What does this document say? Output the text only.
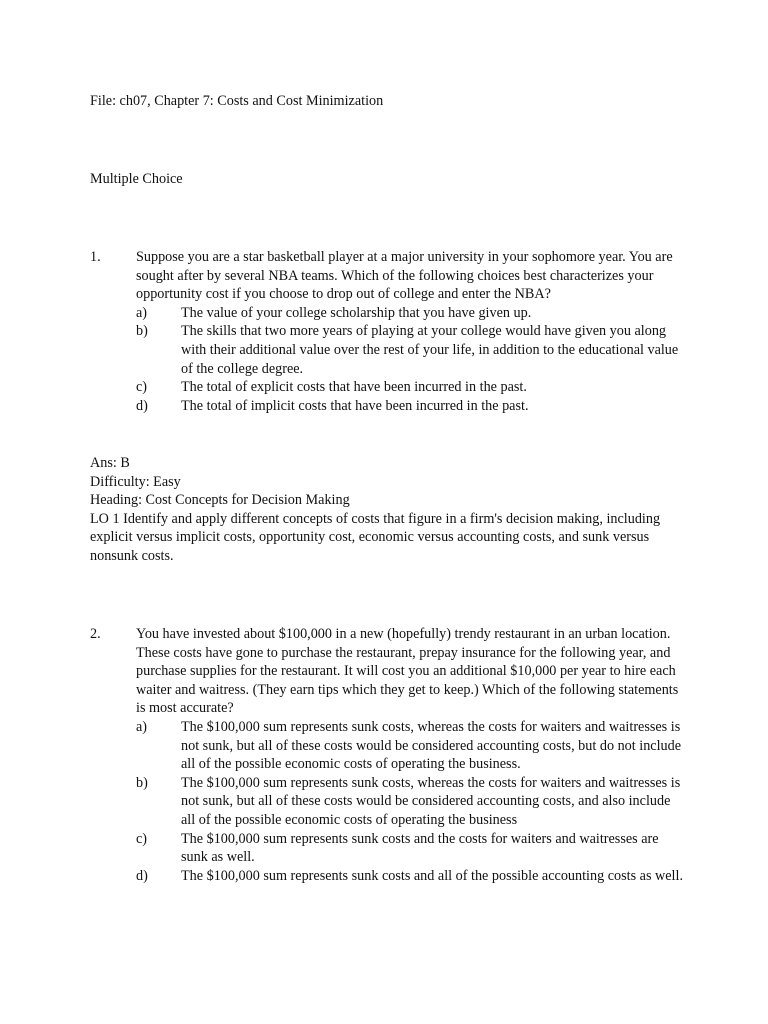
File: ch07, Chapter 7: Costs and Cost Minimization
Multiple Choice
1. Suppose you are a star basketball player at a major university in your sophomore year. You are sought after by several NBA teams. Which of the following choices best characterizes your opportunity cost if you choose to drop out of college and enter the NBA?
a) The value of your college scholarship that you have given up.
b) The skills that two more years of playing at your college would have given you along with their additional value over the rest of your life, in addition to the educational value of the college degree.
c) The total of explicit costs that have been incurred in the past.
d) The total of implicit costs that have been incurred in the past.
Ans: B
Difficulty: Easy
Heading: Cost Concepts for Decision Making
LO 1 Identify and apply different concepts of costs that figure in a firm's decision making, including explicit versus implicit costs, opportunity cost, economic versus accounting costs, and sunk versus nonsunk costs.
2. You have invested about $100,000 in a new (hopefully) trendy restaurant in an urban location. These costs have gone to purchase the restaurant, prepay insurance for the following year, and purchase supplies for the restaurant. It will cost you an additional $10,000 per year to hire each waiter and waitress. (They earn tips which they get to keep.) Which of the following statements is most accurate?
a) The $100,000 sum represents sunk costs, whereas the costs for waiters and waitresses is not sunk, but all of these costs would be considered accounting costs, but do not include all of the possible economic costs of operating the business.
b) The $100,000 sum represents sunk costs, whereas the costs for waiters and waitresses is not sunk, but all of these costs would be considered accounting costs, and also include all of the possible economic costs of operating the business
c) The $100,000 sum represents sunk costs and the costs for waiters and waitresses are sunk as well.
d) The $100,000 sum represents sunk costs and all of the possible accounting costs as well.
